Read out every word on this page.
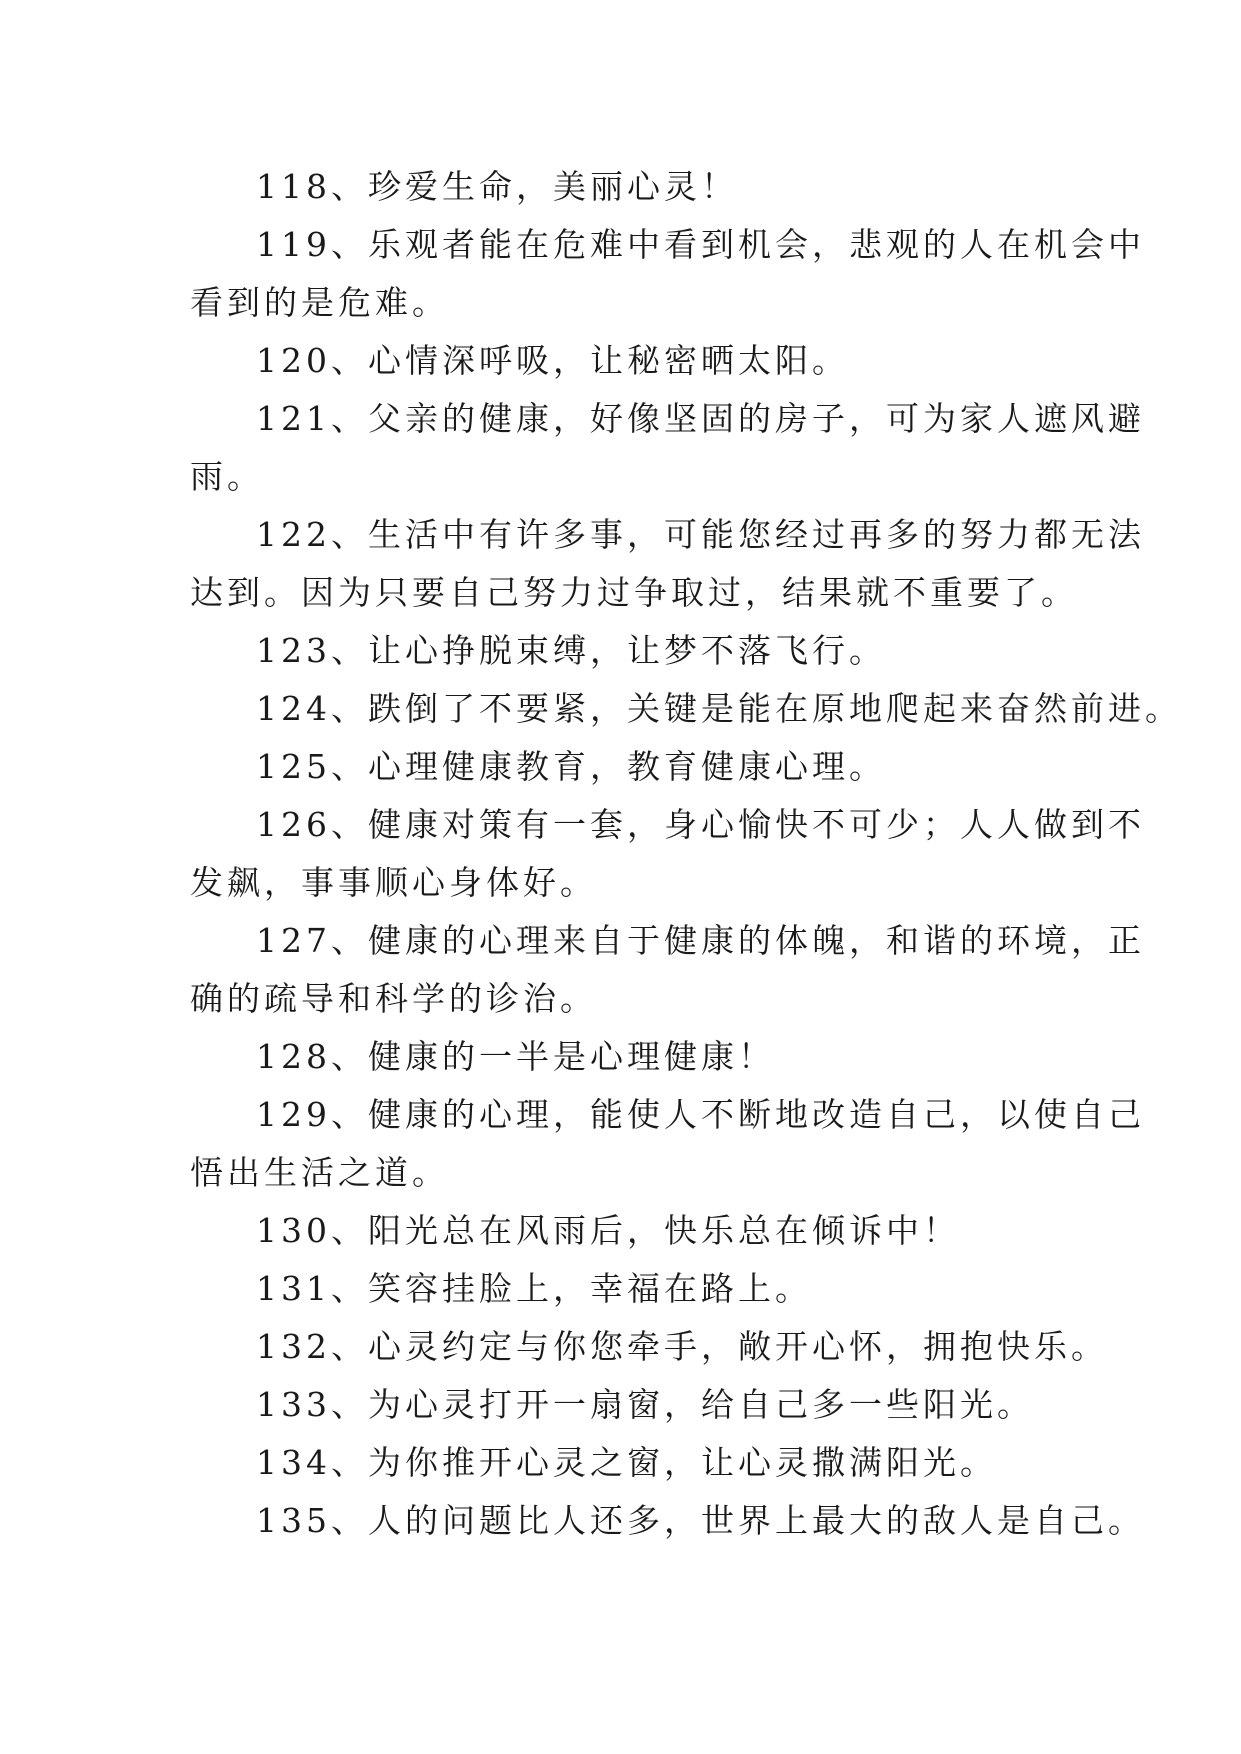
118、珍爱生命，美丽心灵！

119、乐观者能在危难中看到机会，悲观的人在机会中
看到的是危难。

120、心情深呼吸，让秘密晒太阳。

121、父亲的健康，好像坚固的房子，可为家人遮风避
雨。

122、生活中有许多事，可能您经过再多的努力都无法
达到。因为只要自己努力过争取过，结果就不重要了。

123、让心挣脱束缚，让梦不落飞行。

124、跌倒了不要紧，关键是能在原地爬起来奋然前进。

125、心理健康教育，教育健康心理。

126、健康对策有一套，身心愉快不可少；人人做到不
发飙，事事顺心身体好。

127、健康的心理来自于健康的体魄，和谐的环境，正
确的疏导和科学的诊治。

128、健康的一半是心理健康！

129、健康的心理，能使人不断地改造自己，以使自己
悟出生活之道。

130、阳光总在风雨后，快乐总在倾诉中！

131、笑容挂脸上，幸福在路上。

132、心灵约定与你您牵手，敞开心怀，拥抱快乐。

133、为心灵打开一扇窗，给自己多一些阳光。

134、为你推开心灵之窗，让心灵撒满阳光。

135、人的问题比人还多，世界上最大的敌人是自己。
